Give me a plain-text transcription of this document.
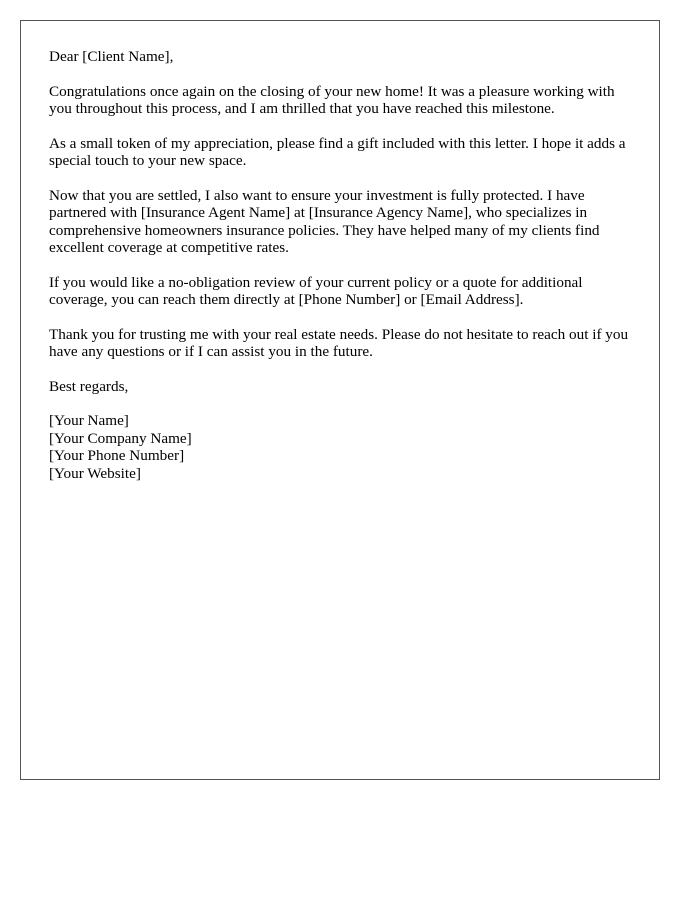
Dear [Client Name],

Congratulations once again on the closing of your new home! It was a pleasure working with you throughout this process, and I am thrilled that you have reached this milestone.

As a small token of my appreciation, please find a gift included with this letter. I hope it adds a special touch to your new space.

Now that you are settled, I also want to ensure your investment is fully protected. I have partnered with [Insurance Agent Name] at [Insurance Agency Name], who specializes in comprehensive homeowners insurance policies. They have helped many of my clients find excellent coverage at competitive rates.

If you would like a no-obligation review of your current policy or a quote for additional coverage, you can reach them directly at [Phone Number] or [Email Address].

Thank you for trusting me with your real estate needs. Please do not hesitate to reach out if you have any questions or if I can assist you in the future.

Best regards,

[Your Name]
[Your Company Name]
[Your Phone Number]
[Your Website]
